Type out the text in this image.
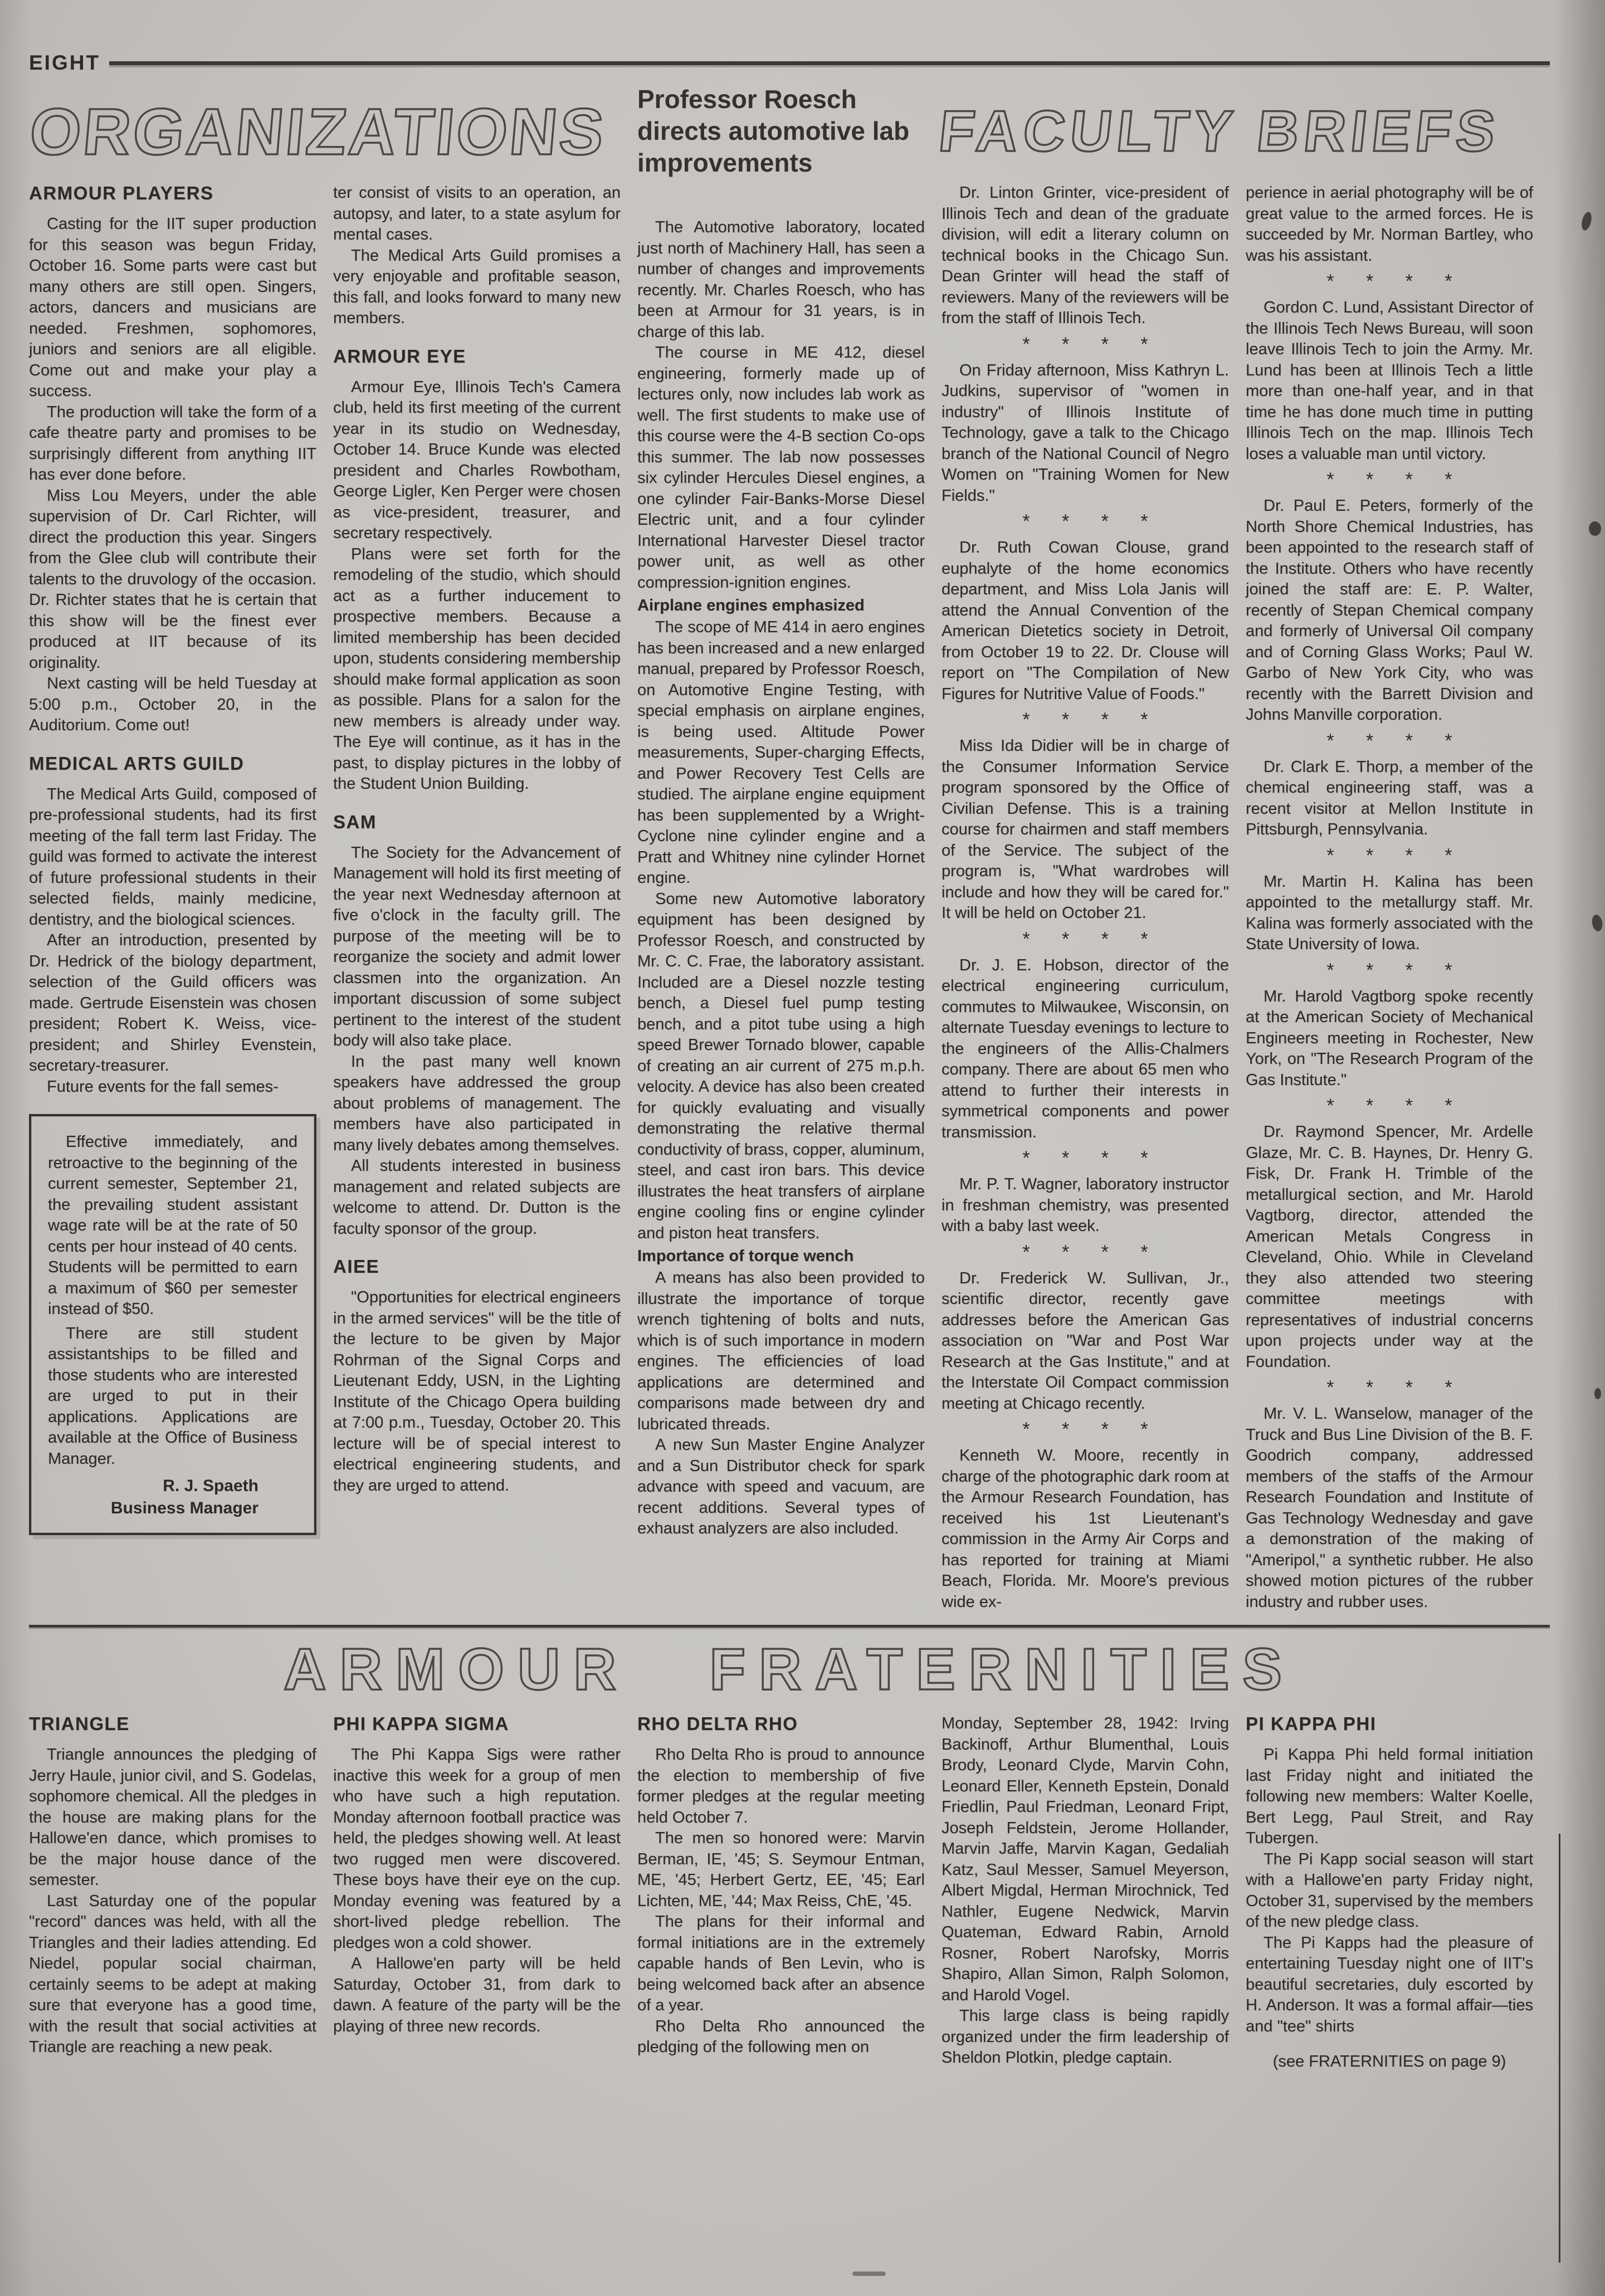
EIGHT
ORGANIZATIONS Professor Roesch directs automotive lab improvements	FACULTY BRIEFS
ARMOUR PLAYERS

Casting for the IIT super production for this season was begun Friday, October 16. Some parts were cast but many others are still open. Singers, actors, dancers and musicians are needed. Freshmen, sophomores, juniors and seniors are all eligible. Come out and make your play a success.

The production will take the form of a cafe theatre party and promises to be surprisingly different from anything IIT has ever done before.

Miss Lou Meyers, under the able supervision of Dr. Carl Richter, will direct the production this year. Singers from the Glee club will contribute their talents to the druvology of the occasion. Dr. Richter states that he is certain that this show will be the finest ever produced at IIT because of its originality.

Next casting will be held Tuesday at 5:00 p.m., October 20, in the Auditorium. Come out!

MEDICAL ARTS GUILD

The Medical Arts Guild, composed of pre-professional students, had its first meeting of the fall term last Friday. The guild was formed to activate the interest of future professional students in their selected fields, mainly medicine, dentistry, and the biological sciences.

After an introduction, presented by Dr. Hedrick of the biology department, selection of the Guild officers was made. Gertrude Eisenstein was chosen president; Robert K. Weiss, vice-president; and Shirley Evenstein, secretary-treasurer.

Future events for the fall semes-

Effective immediately, and retroactive to the beginning of the current semester, September 21, the prevailing student assistant wage rate will be at the rate of 50 cents per hour instead of 40 cents. Students will be permitted to earn a maximum of $60 per semester instead of $50.

There are still student assistantships to be filled and those students who are interested are urged to put in their applications. Applications are available at the Office of Business Manager.

R. J. Spaeth
Business Manager

ter consist of visits to an operation, an autopsy, and later, to a state asylum for mental cases.

The Medical Arts Guild promises a very enjoyable and profitable season, this fall, and looks forward to many new members.

ARMOUR EYE

Armour Eye, Illinois Tech's Camera club, held its first meeting of the current year in its studio on Wednesday, October 14. Bruce Kunde was elected president and Charles Rowbotham, George Ligler, Ken Perger were chosen as vice-president, treasurer, and secretary respectively.

Plans were set forth for the remodeling of the studio, which should act as a further inducement to prospective members. Because a limited membership has been decided upon, students considering membership should make formal application as soon as possible. Plans for a salon for the new members is already under way. The Eye will continue, as it has in the past, to display pictures in the lobby of the Student Union Building.

SAM

The Society for the Advancement of Management will hold its first meeting of the year next Wednesday afternoon at five o'clock in the faculty grill. The purpose of the meeting will be to reorganize the society and admit lower classmen into the organization. An important discussion of some subject pertinent to the interest of the student body will also take place.

In the past many well known speakers have addressed the group about problems of management. The members have also participated in many lively debates among themselves.

All students interested in business management and related subjects are welcome to attend. Dr. Dutton is the faculty sponsor of the group.

AIEE

"Opportunities for electrical engineers in the armed services" will be the title of the lecture to be given by Major Rohrman of the Signal Corps and Lieutenant Eddy, USN, in the Lighting Institute of the Chicago Opera building at 7:00 p.m., Tuesday, October 20. This lecture will be of special interest to electrical engineering students, and they are urged to attend.

The Automotive laboratory, located just north of Machinery Hall, has seen a number of changes and improvements recently. Mr. Charles Roesch, who has been at Armour for 31 years, is in charge of this lab.

The course in ME 412, diesel engineering, formerly made up of lectures only, now includes lab work as well. The first students to make use of this course were the 4-B section Co-ops this summer. The lab now possesses six cylinder Hercules Diesel engines, a one cylinder Fair-Banks-Morse Diesel Electric unit, and a four cylinder International Harvester Diesel tractor power unit, as well as other compression-ignition engines.

Airplane engines emphasized

The scope of ME 414 in aero engines has been increased and a new enlarged manual, prepared by Professor Roesch, on Automotive Engine Testing, with special emphasis on airplane engines, is being used. Altitude Power measurements, Super-charging Effects, and Power Recovery Test Cells are studied. The airplane engine equipment has been supplemented by a Wright-Cyclone nine cylinder engine and a Pratt and Whitney nine cylinder Hornet engine.

Some new Automotive laboratory equipment has been designed by Professor Roesch, and constructed by Mr. C. C. Frae, the laboratory assistant. Included are a Diesel nozzle testing bench, a Diesel fuel pump testing bench, and a pitot tube using a high speed Brewer Tornado blower, capable of creating an air current of 275 m.p.h. velocity. A device has also been created for quickly evaluating and visually demonstrating the relative thermal conductivity of brass, copper, aluminum, steel, and cast iron bars. This device illustrates the heat transfers of airplane engine cooling fins or engine cylinder and piston heat transfers.

Importance of torque wench

A means has also been provided to illustrate the importance of torque wrench tightening of bolts and nuts, which is of such importance in modern engines. The efficiencies of load applications are determined and comparisons made between dry and lubricated threads.

A new Sun Master Engine Analyzer and a Sun Distributor check for spark advance with speed and vacuum, are recent additions. Several types of exhaust analyzers are also included.

Dr. Linton Grinter, vice-president of Illinois Tech and dean of the graduate division, will edit a literary column on technical books in the Chicago Sun. Dean Grinter will head the staff of reviewers. Many of the reviewers will be from the staff of Illinois Tech.

* * * *

On Friday afternoon, Miss Kathryn L. Judkins, supervisor of "women in industry" of Illinois Institute of Technology, gave a talk to the Chicago branch of the National Council of Negro Women on "Training Women for New Fields."

* * * *

Dr. Ruth Cowan Clouse, grand euphalyte of the home economics department, and Miss Lola Janis will attend the Annual Convention of the American Dietetics society in Detroit, from October 19 to 22. Dr. Clouse will report on "The Compilation of New Figures for Nutritive Value of Foods."

* * * *

Miss Ida Didier will be in charge of the Consumer Information Service program sponsored by the Office of Civilian Defense. This is a training course for chairmen and staff members of the Service. The subject of the program is, "What wardrobes will include and how they will be cared for." It will be held on October 21.

* * * *

Dr. J. E. Hobson, director of the electrical engineering curriculum, commutes to Milwaukee, Wisconsin, on alternate Tuesday evenings to lecture to the engineers of the Allis-Chalmers company. There are about 65 men who attend to further their interests in symmetrical components and power transmission.

* * * *

Mr. P. T. Wagner, laboratory instructor in freshman chemistry, was presented with a baby last week.

* * * *

Dr. Frederick W. Sullivan, Jr., scientific director, recently gave addresses before the American Gas association on "War and Post War Research at the Gas Institute," and at the Interstate Oil Compact commission meeting at Chicago recently.

* * * *

Kenneth W. Moore, recently in charge of the photographic dark room at the Armour Research Foundation, has received his 1st Lieutenant's commission in the Army Air Corps and has reported for training at Miami Beach, Florida. Mr. Moore's previous wide ex-

perience in aerial photography will be of great value to the armed forces. He is succeeded by Mr. Norman Bartley, who was his assistant.

* * * *

Gordon C. Lund, Assistant Director of the Illinois Tech News Bureau, will soon leave Illinois Tech to join the Army. Mr. Lund has been at Illinois Tech a little more than one-half year, and in that time he has done much time in putting Illinois Tech on the map. Illinois Tech loses a valuable man until victory.

* * * *

Dr. Paul E. Peters, formerly of the North Shore Chemical Industries, has been appointed to the research staff of the Institute. Others who have recently joined the staff are: E. P. Walter, recently of Stepan Chemical company and formerly of Universal Oil company and of Corning Glass Works; Paul W. Garbo of New York City, who was recently with the Barrett Division and Johns Manville corporation.

* * * *

Dr. Clark E. Thorp, a member of the chemical engineering staff, was a recent visitor at Mellon Institute in Pittsburgh, Pennsylvania.

* * * *

Mr. Martin H. Kalina has been appointed to the metallurgy staff. Mr. Kalina was formerly associated with the State University of Iowa.

* * * *

Mr. Harold Vagtborg spoke recently at the American Society of Mechanical Engineers meeting in Rochester, New York, on "The Research Program of the Gas Institute."

* * * *

Dr. Raymond Spencer, Mr. Ardelle Glaze, Mr. C. B. Haynes, Dr. Henry G. Fisk, Dr. Frank H. Trimble of the metallurgical section, and Mr. Harold Vagtborg, director, attended the American Metals Congress in Cleveland, Ohio. While in Cleveland they also attended two steering committee meetings with representatives of industrial concerns upon projects under way at the Foundation.

* * * *

Mr. V. L. Wanselow, manager of the Truck and Bus Line Division of the B. F. Goodrich company, addressed members of the staffs of the Armour Research Foundation and Institute of Gas Technology Wednesday and gave a demonstration of the making of "Ameripol," a synthetic rubber. He also showed motion pictures of the rubber industry and rubber uses.

ARMOUR FRATERNITIES
TRIANGLE

Triangle announces the pledging of Jerry Haule, junior civil, and S. Godelas, sophomore chemical. All the pledges in the house are making plans for the Hallowe'en dance, which promises to be the major house dance of the semester.

Last Saturday one of the popular "record" dances was held, with all the Triangles and their ladies attending. Ed Niedel, popular social chairman, certainly seems to be adept at making sure that everyone has a good time, with the result that social activities at Triangle are reaching a new peak.

PHI KAPPA SIGMA

The Phi Kappa Sigs were rather inactive this week for a group of men who have such a high reputation. Monday afternoon football practice was held, the pledges showing well. At least two rugged men were discovered. These boys have their eye on the cup. Monday evening was featured by a short-lived pledge rebellion. The pledges won a cold shower.

A Hallowe'en party will be held Saturday, October 31, from dark to dawn. A feature of the party will be the playing of three new records.

RHO DELTA RHO

Rho Delta Rho is proud to announce the election to membership of five former pledges at the regular meeting held October 7.

The men so honored were: Marvin Berman, IE, '45; S. Seymour Entman, ME, '45; Herbert Gertz, EE, '45; Earl Lichten, ME, '44; Max Reiss, ChE, '45.

The plans for their informal and formal initiations are in the extremely capable hands of Ben Levin, who is being welcomed back after an absence of a year.

Rho Delta Rho announced the pledging of the following men on

Monday, September 28, 1942: Irving Backinoff, Arthur Blumenthal, Louis Brody, Leonard Clyde, Marvin Cohn, Leonard Eller, Kenneth Epstein, Donald Friedlin, Paul Friedman, Leonard Fript, Joseph Feldstein, Jerome Hollander, Marvin Jaffe, Marvin Kagan, Gedaliah Katz, Saul Messer, Samuel Meyerson, Albert Migdal, Herman Mirochnick, Ted Nathler, Eugene Nedwick, Marvin Quateman, Edward Rabin, Arnold Rosner, Robert Narofsky, Morris Shapiro, Allan Simon, Ralph Solomon, and Harold Vogel.

This large class is being rapidly organized under the firm leadership of Sheldon Plotkin, pledge captain.

PI KAPPA PHI

Pi Kappa Phi held formal initiation last Friday night and initiated the following new members: Walter Koelle, Bert Legg, Paul Streit, and Ray Tubergen.

The Pi Kapp social season will start with a Hallowe'en party Friday night, October 31, supervised by the members of the new pledge class.

The Pi Kapps had the pleasure of entertaining Tuesday night one of IIT's beautiful secretaries, duly escorted by H. Anderson. It was a formal affair—ties and "tee" shirts

(see FRATERNITIES on page 9)
